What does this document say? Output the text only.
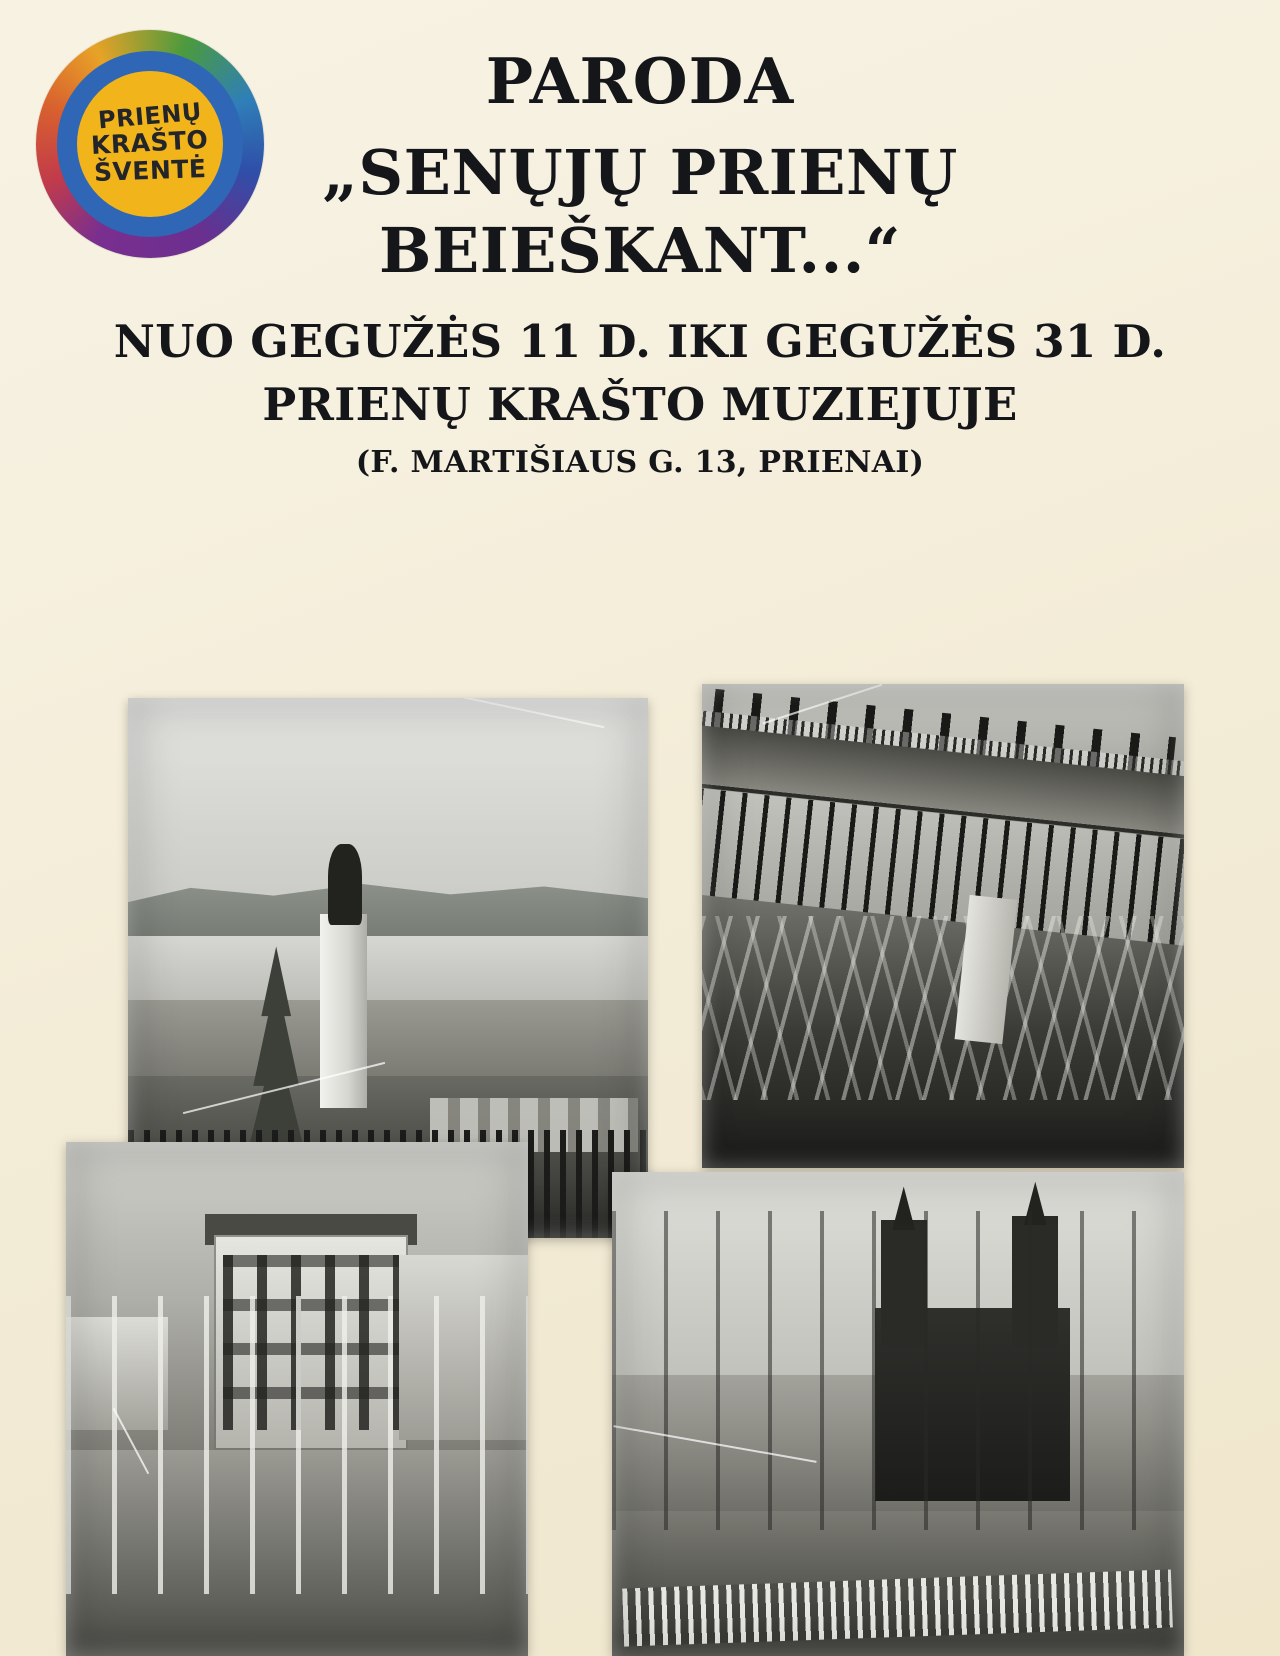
PRIENŲ
KRAŠTO
ŠVENTĖ
PARODA
„SENŲJŲ PRIENŲ
BEIEŠKANT...“
NUO GEGUŽĖS 11 D. IKI GEGUŽĖS 31 D.
PRIENŲ KRAŠTO MUZIEJUJE
(F. MARTIŠIAUS G. 13, PRIENAI)
